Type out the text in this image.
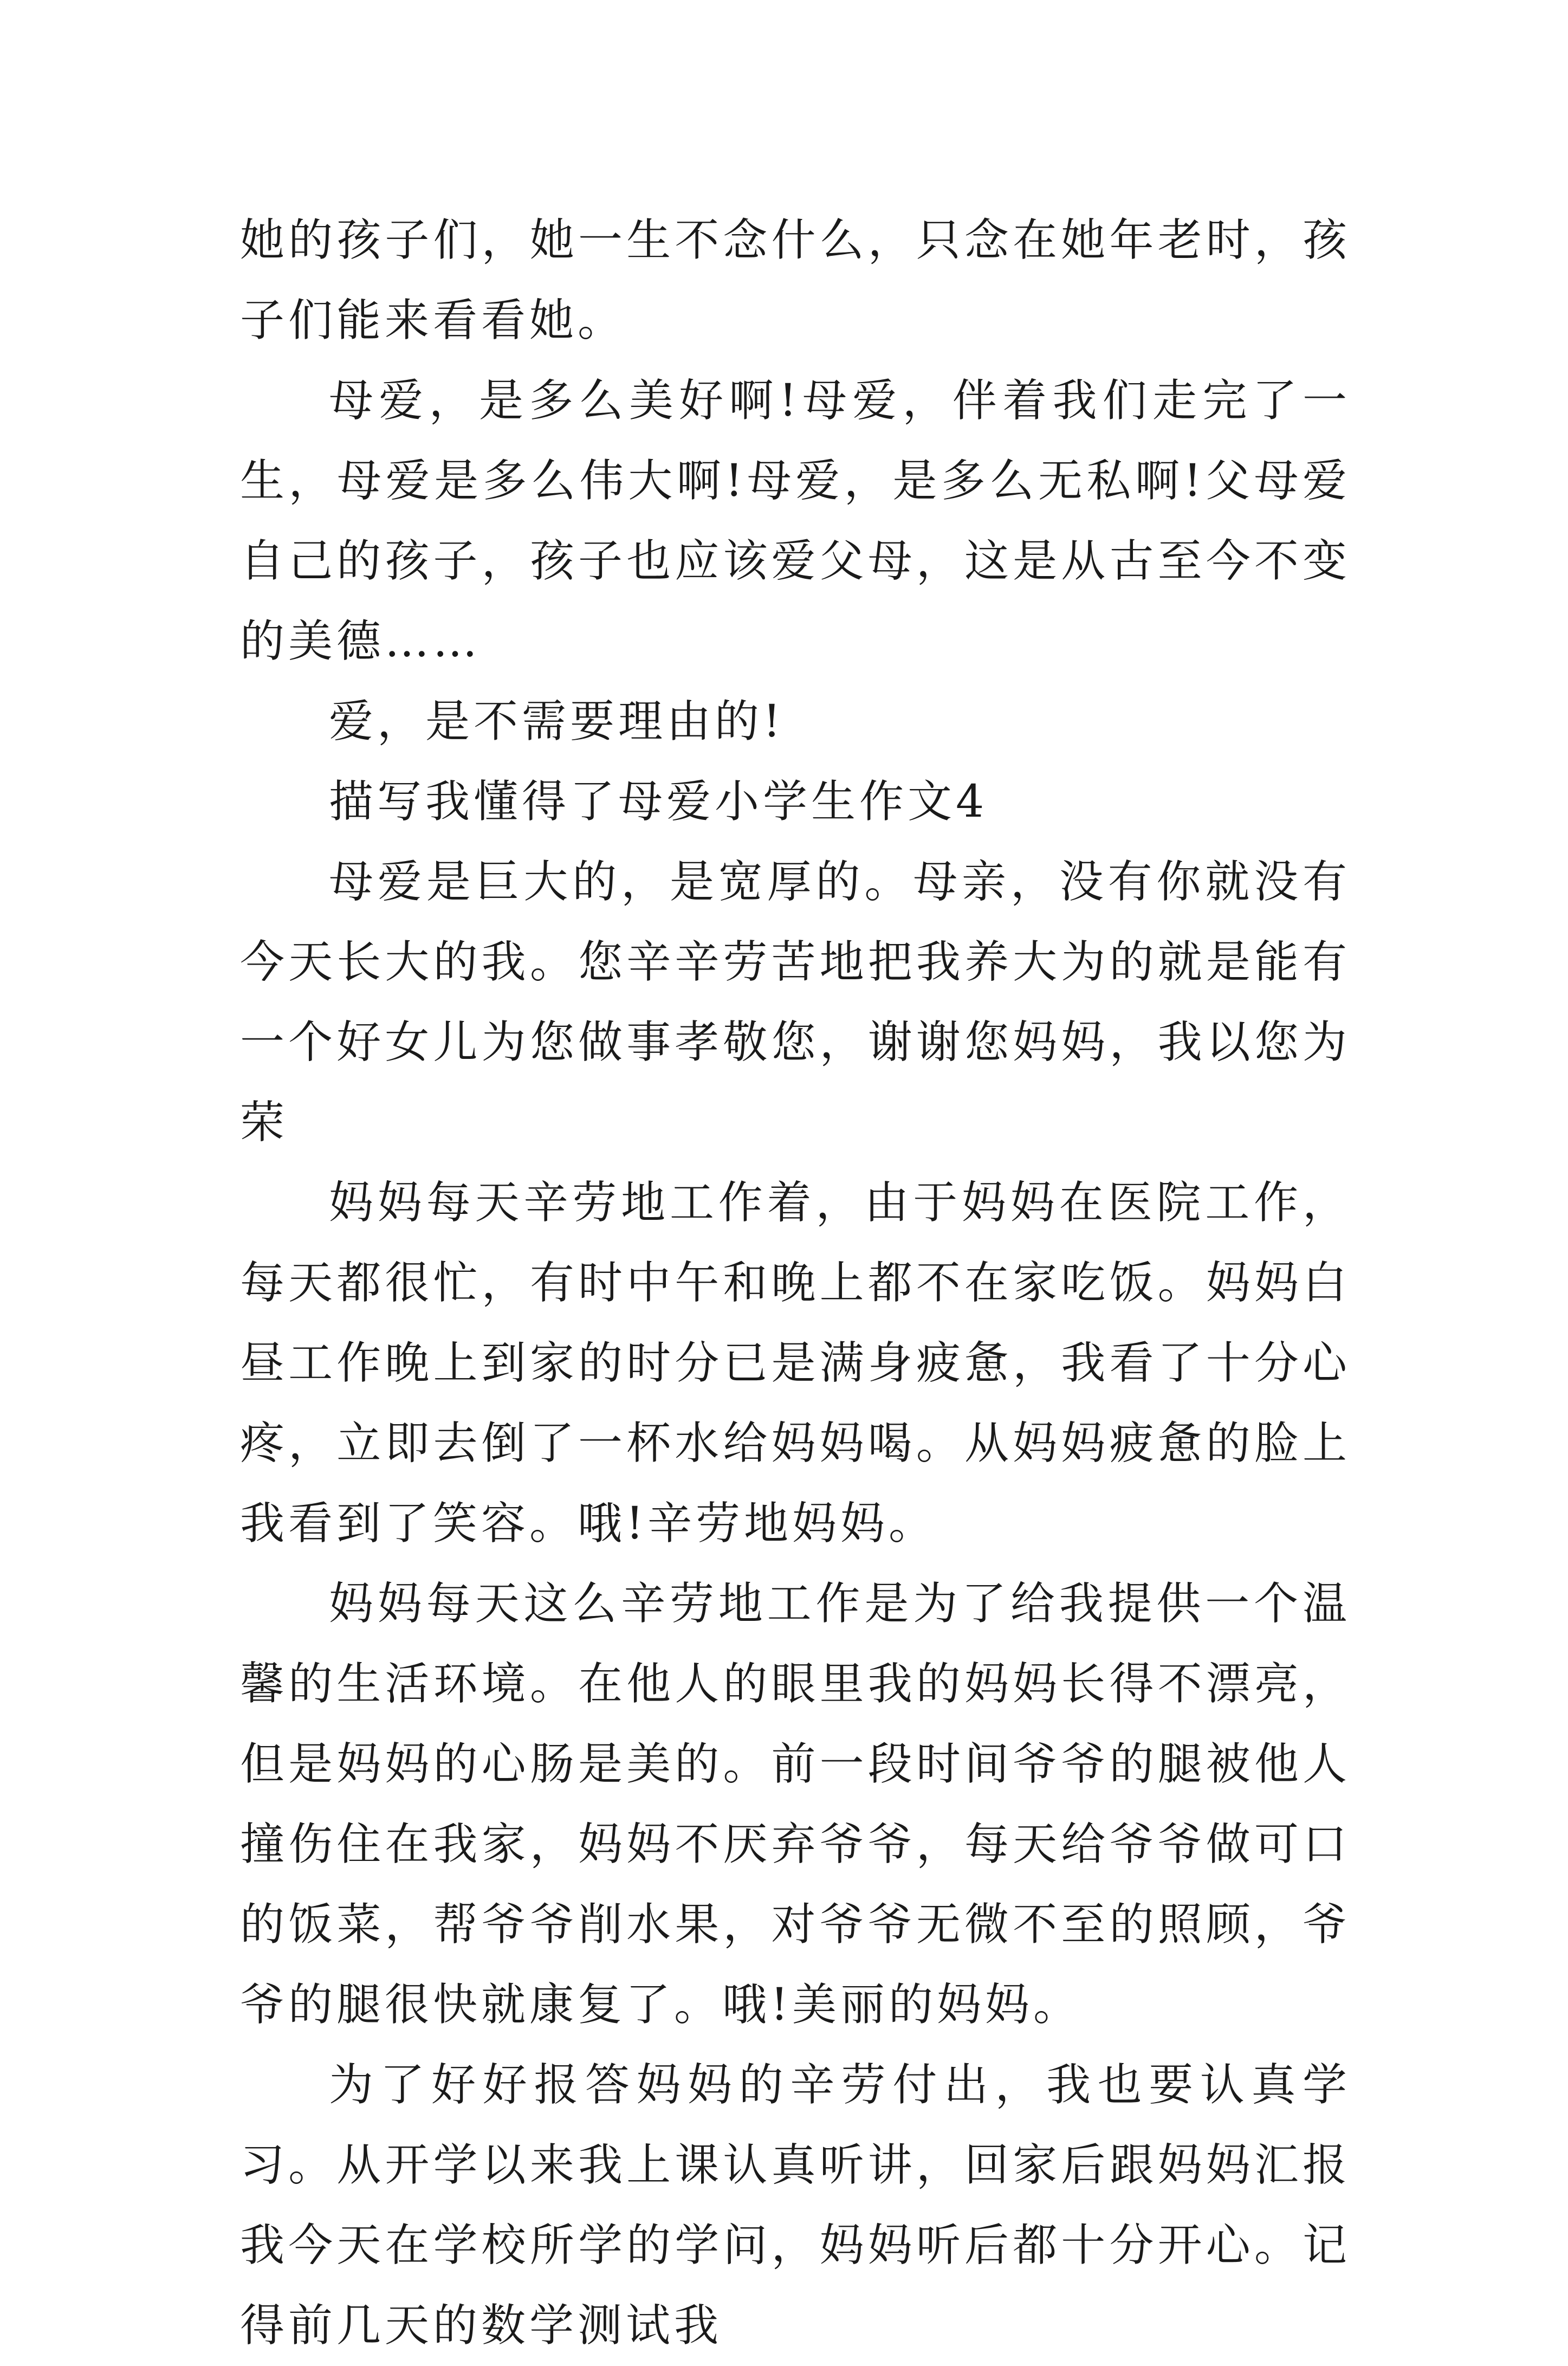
她的孩子们，她一生不念什么，只念在她年老时，孩子们能来看看她。

母爱，是多么美好啊!母爱，伴着我们走完了一生，母爱是多么伟大啊!母爱，是多么无私啊!父母爱自己的孩子，孩子也应该爱父母，这是从古至今不变的美德……

爱，是不需要理由的!

描写我懂得了母爱小学生作文4

母爱是巨大的，是宽厚的。母亲，没有你就没有今天长大的我。您辛辛劳苦地把我养大为的就是能有一个好女儿为您做事孝敬您，谢谢您妈妈，我以您为荣

妈妈每天辛劳地工作着，由于妈妈在医院工作，每天都很忙，有时中午和晚上都不在家吃饭。妈妈白昼工作晚上到家的时分已是满身疲惫，我看了十分心疼，立即去倒了一杯水给妈妈喝。从妈妈疲惫的脸上我看到了笑容。哦!辛劳地妈妈。

妈妈每天这么辛劳地工作是为了给我提供一个温馨的生活环境。在他人的眼里我的妈妈长得不漂亮，但是妈妈的心肠是美的。前一段时间爷爷的腿被他人撞伤住在我家，妈妈不厌弃爷爷，每天给爷爷做可口的饭菜，帮爷爷削水果，对爷爷无微不至的照顾，爷爷的腿很快就康复了。哦!美丽的妈妈。

为了好好报答妈妈的辛劳付出，我也要认真学习。从开学以来我上课认真听讲，回家后跟妈妈汇报我今天在学校所学的学问，妈妈听后都十分开心。记得前几天的数学测试我
